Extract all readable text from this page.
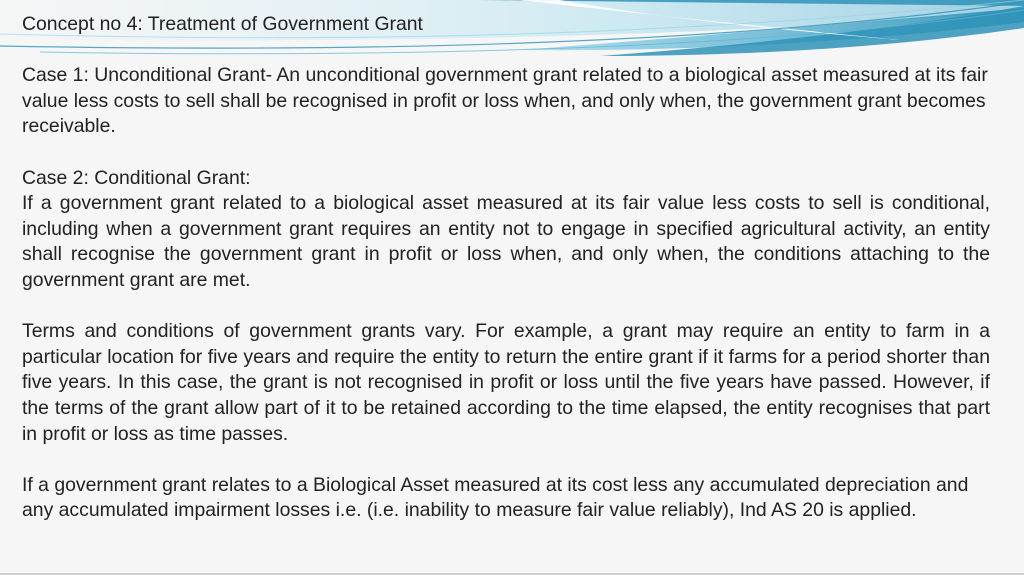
Concept no 4: Treatment of Government Grant

Case 1: Unconditional Grant- An unconditional government grant related to a biological asset measured at its fair value less costs to sell shall be recognised in profit or loss when, and only when, the government grant becomes receivable.

Case 2: Conditional Grant:

If a government grant related to a biological asset measured at its fair value less costs to sell is conditional, including when a government grant requires an entity not to engage in specified agricultural activity, an entity shall recognise the government grant in profit or loss when, and only when, the conditions attaching to the government grant are met.

Terms and conditions of government grants vary. For example, a grant may require an entity to farm in a particular location for five years and require the entity to return the entire grant if it farms for a period shorter than five years. In this case, the grant is not recognised in profit or loss until the five years have passed. However, if the terms of the grant allow part of it to be retained according to the time elapsed, the entity recognises that part in profit or loss as time passes.

If a government grant relates to a Biological Asset measured at its cost less any accumulated depreciation and any accumulated impairment losses i.e. (i.e. inability to measure fair value reliably), Ind AS 20 is applied.
